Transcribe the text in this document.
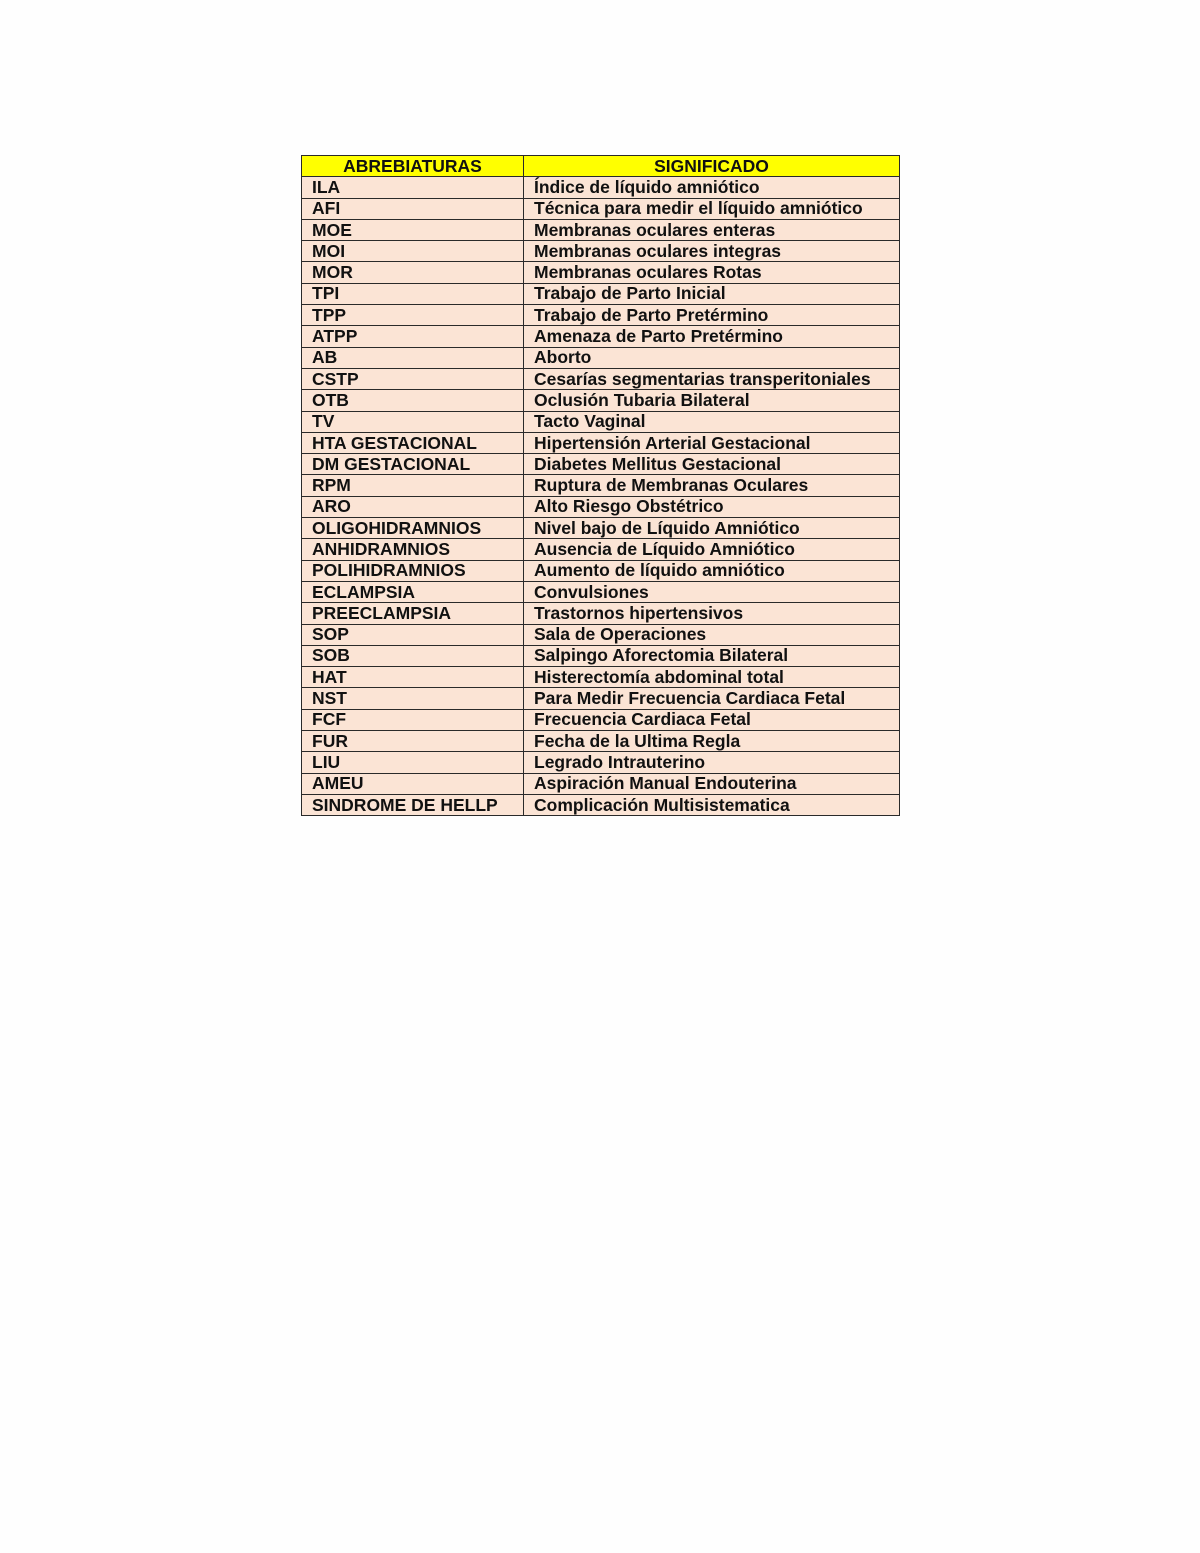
ABREBIATURAS	SIGNIFICADO
ILA	Índice de líquido amniótico
AFI	Técnica para medir el líquido amniótico
MOE	Membranas oculares enteras
MOI	Membranas oculares integras
MOR	Membranas oculares Rotas
TPI	Trabajo de Parto Inicial
TPP	Trabajo de Parto Pretérmino
ATPP	Amenaza de Parto Pretérmino
AB	Aborto
CSTP	Cesarías segmentarias transperitoniales
OTB	Oclusión Tubaria Bilateral
TV	Tacto Vaginal
HTA GESTACIONAL	Hipertensión Arterial Gestacional
DM GESTACIONAL	Diabetes Mellitus Gestacional
RPM	Ruptura de Membranas Oculares
ARO	Alto Riesgo Obstétrico
OLIGOHIDRAMNIOS	Nivel bajo de Líquido Amniótico
ANHIDRAMNIOS	Ausencia de Líquido Amniótico
POLIHIDRAMNIOS	Aumento de líquido amniótico
ECLAMPSIA	Convulsiones
PREECLAMPSIA	Trastornos hipertensivos
SOP	Sala de Operaciones
SOB	Salpingo Aforectomia Bilateral
HAT	Histerectomía abdominal total
NST	Para Medir Frecuencia Cardiaca Fetal
FCF	Frecuencia Cardiaca Fetal
FUR	Fecha de la Ultima Regla
LIU	Legrado Intrauterino
AMEU	Aspiración Manual Endouterina
SINDROME DE HELLP	Complicación Multisistematica
